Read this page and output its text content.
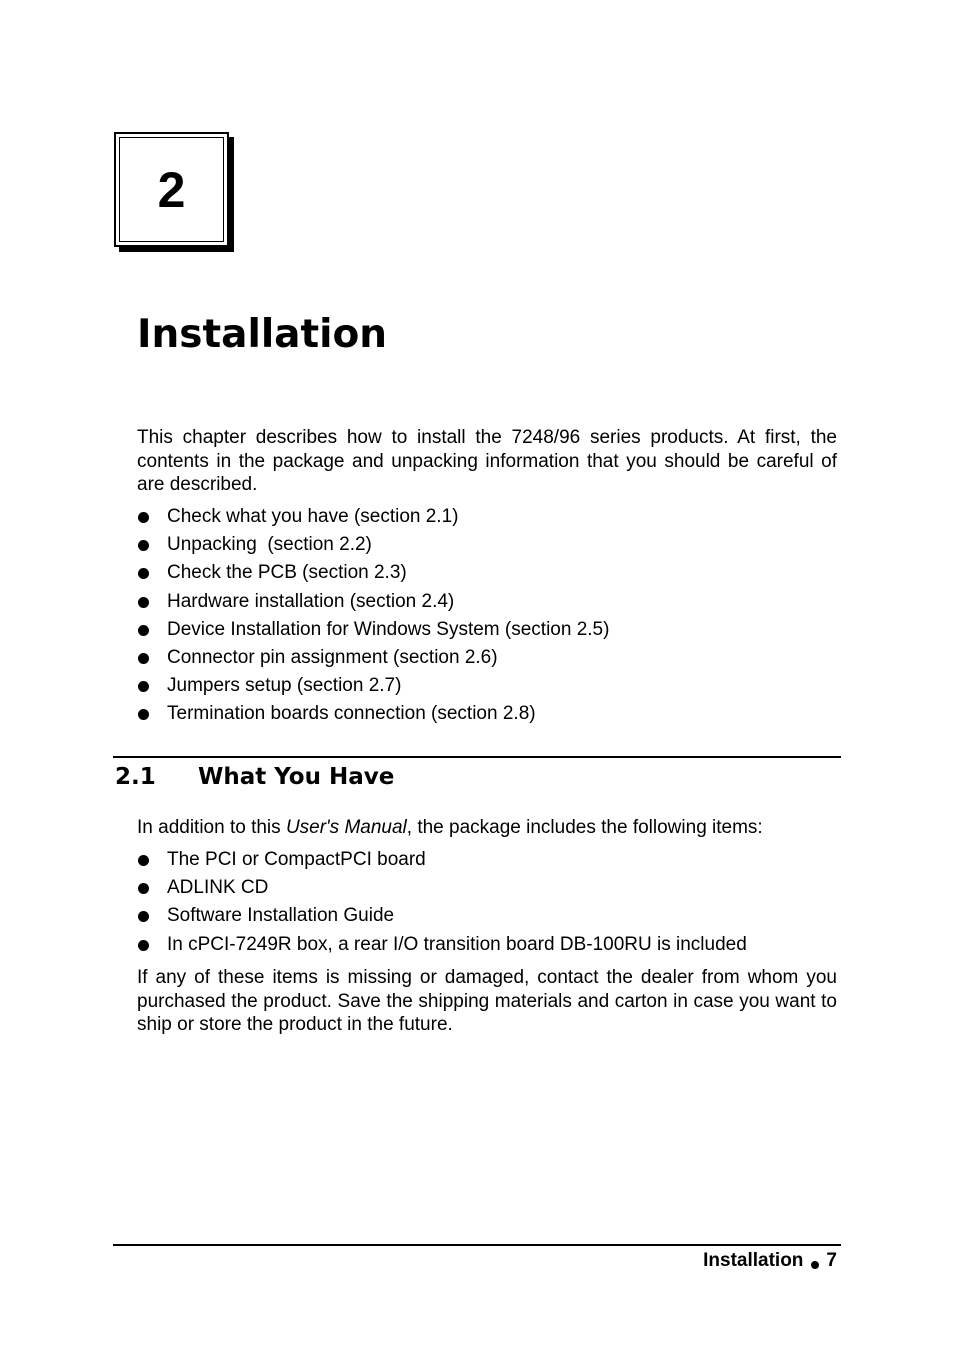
2
Installation

This chapter describes how to install the 7248/96 series products. At first, the contents in the package and unpacking information that you should be careful of are described.

Check what you have (section 2.1)
Unpacking  (section 2.2)
Check the PCB (section 2.3)
Hardware installation (section 2.4)
Device Installation for Windows System (section 2.5)
Connector pin assignment (section 2.6)
Jumpers setup (section 2.7)
Termination boards connection (section 2.8)
2.1 What You Have

In addition to this User's Manual, the package includes the following items:

The PCI or CompactPCI board
ADLINK CD
Software Installation Guide
In cPCI-7249R box, a rear I/O transition board DB-100RU is included

If any of these items is missing or damaged, contact the dealer from whom you purchased the product. Save the shipping materials and carton in case you want to ship or store the product in the future.

Installation 7
